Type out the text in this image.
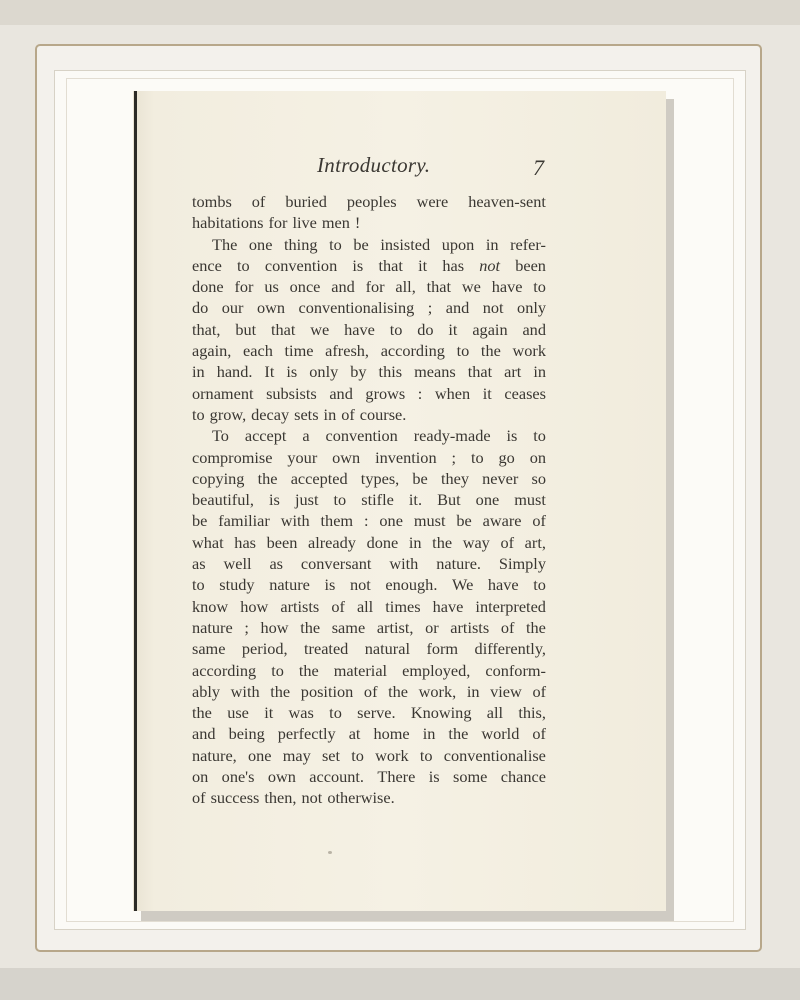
Introductory.	7
tombs of buried peoples were heaven-sent
habitations for live men !
The one thing to be insisted upon in refer-
ence to convention is that it has not been
done for us once and for all, that we have to
do our own conventionalising ; and not only
that, but that we have to do it again and
again, each time afresh, according to the work
in hand. It is only by this means that art in
ornament subsists and grows : when it ceases
to grow, decay sets in of course.
To accept a convention ready-made is to
compromise your own invention ; to go on
copying the accepted types, be they never so
beautiful, is just to stifle it. But one must
be familiar with them : one must be aware of
what has been already done in the way of art,
as well as conversant with nature. Simply
to study nature is not enough. We have to
know how artists of all times have interpreted
nature ; how the same artist, or artists of the
same period, treated natural form differently,
according to the material employed, conform-
ably with the position of the work, in view of
the use it was to serve. Knowing all this,
and being perfectly at home in the world of
nature, one may set to work to conventionalise
on one's own account. There is some chance
of success then, not otherwise.
